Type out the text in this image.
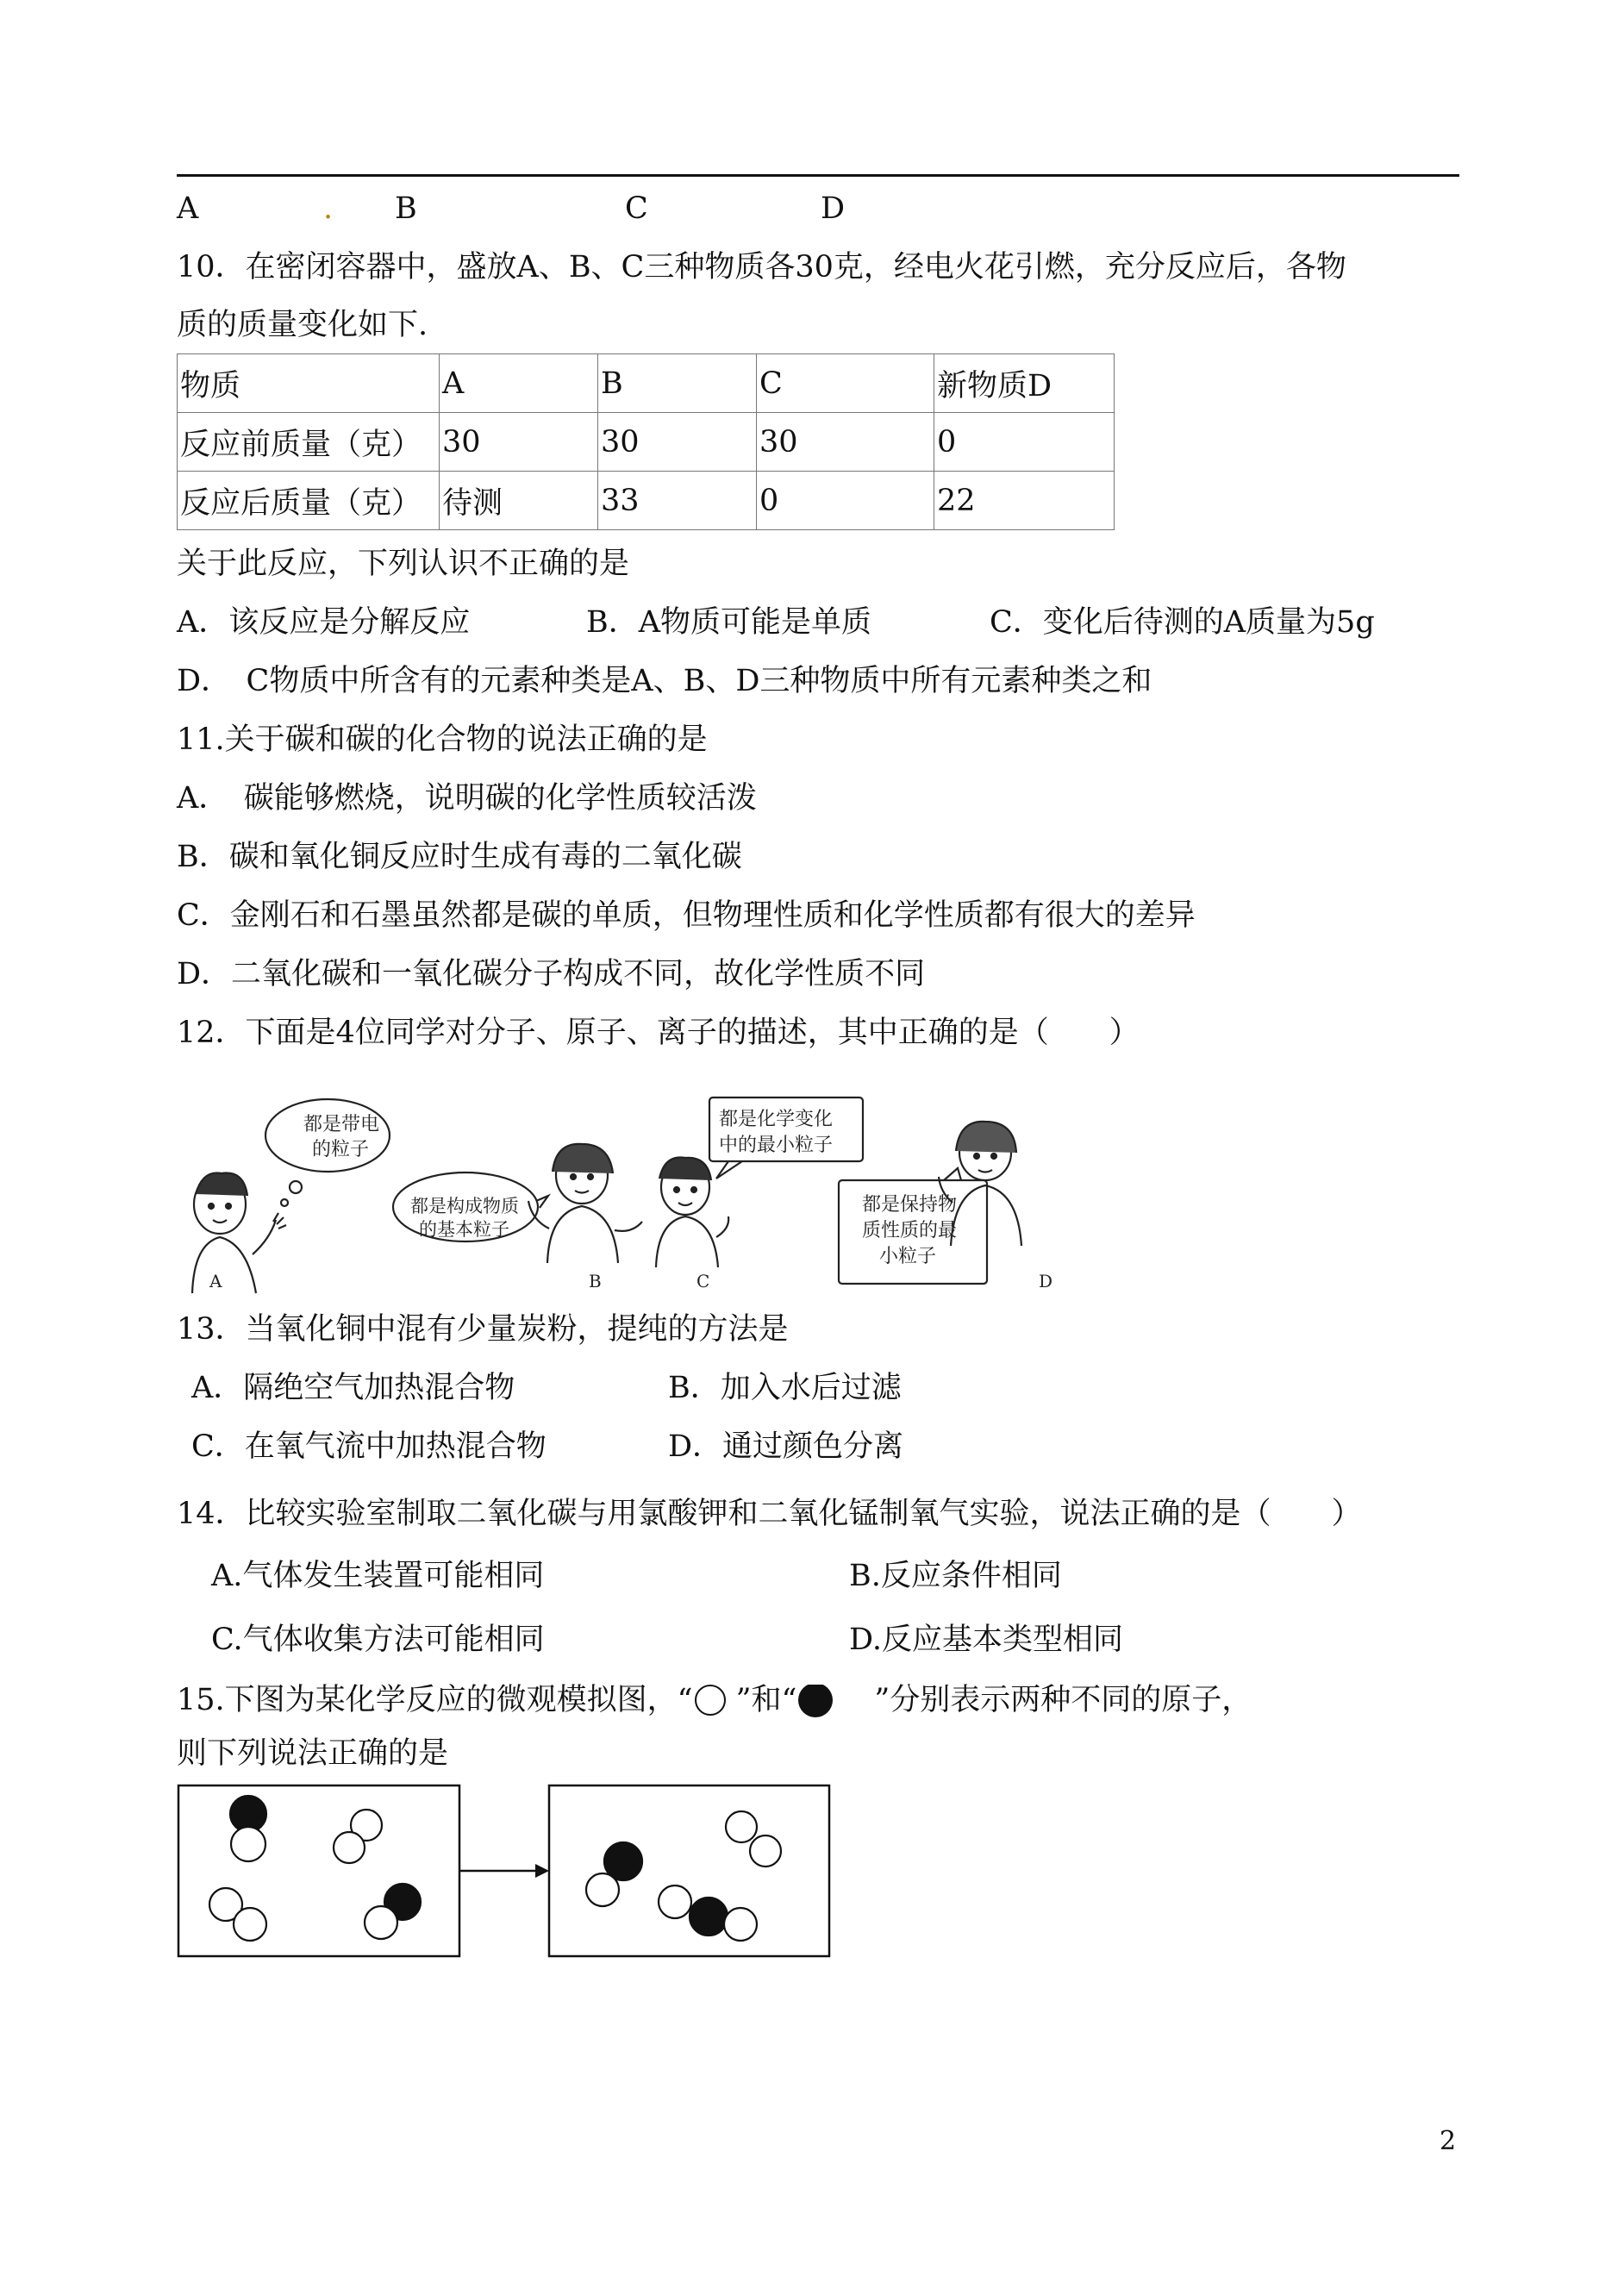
A	. B	C	D
10．在密闭容器中，盛放A、B、C三种物质各30克，经电火花引燃，充分反应后，各物
质的质量变化如下.
物质	A	B	C	新物质D
反应前质量（克）	30	30	30	0
反应后质量（克）	待测	33	0	22
关于此反应，下列认识不正确的是
A．该反应是分解反应	B．A物质可能是单质	C．变化后待测的A质量为5g
D．　C物质中所含有的元素种类是A、B、D三种物质中所有元素种类之和
11.关于碳和碳的化合物的说法正确的是
A．　碳能够燃烧，说明碳的化学性质较活泼
B．碳和氧化铜反应时生成有毒的二氧化碳
C．金刚石和石墨虽然都是碳的单质，但物理性质和化学性质都有很大的差异
D．二氧化碳和一氧化碳分子构成不同，故化学性质不同
12．下面是4位同学对分子、原子、离子的描述，其中正确的是（　　）
都是带电
的粒子
都是构成物质
的基本粒子
都是化学变化
中的最小粒子
都是保持物
质性质的最
小粒子
A	B	C	D
13．当氧化铜中混有少量炭粉，提纯的方法是
A．隔绝空气加热混合物	B．加入水后过滤
C．在氧气流中加热混合物	D．通过颜色分离
14．比较实验室制取二氧化碳与用氯酸钾和二氧化锰制氧气实验，说法正确的是（　　）
A.气体发生装置可能相同	B.反应条件相同
C.气体收集方法可能相同	D.反应基本类型相同
15.下图为某化学反应的微观模拟图，“ ”和“	”分别表示两种不同的原子，
则下列说法正确的是
2
